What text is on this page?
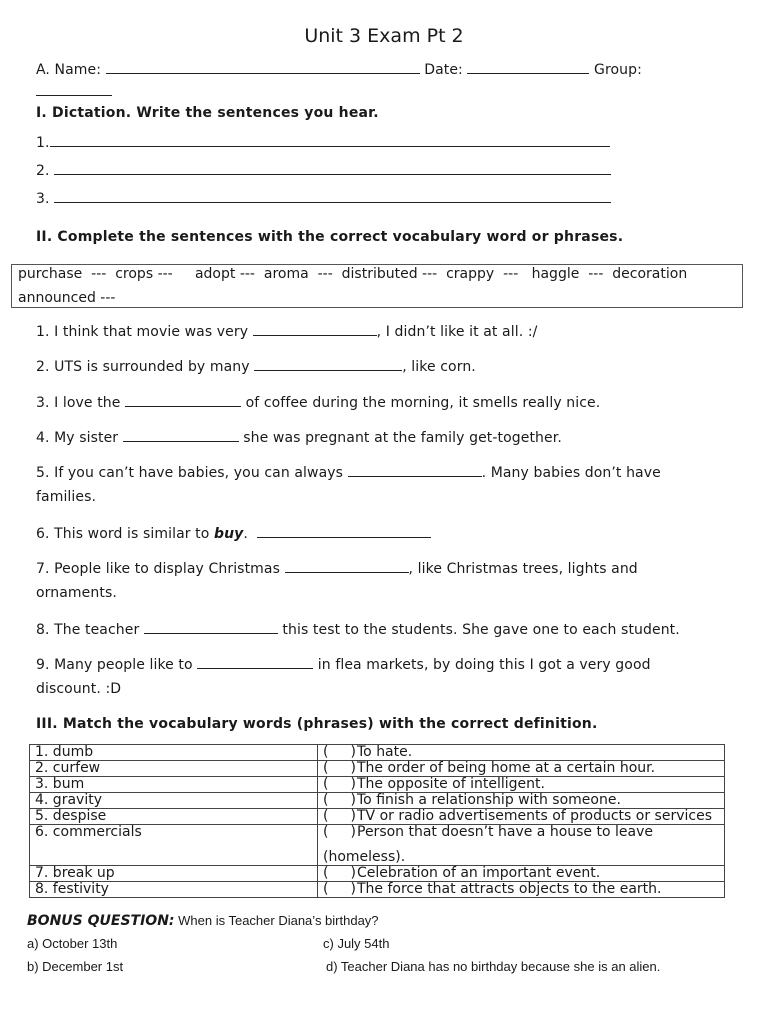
Unit 3 Exam Pt 2
A. Name:	Date:	Group:
I. Dictation. Write the sentences you hear.
1.
2.
3.
II. Complete the sentences with the correct vocabulary word or phrases.
purchase  ---  crops ---     adopt ---  aroma  ---  distributed ---  crappy  ---   haggle  ---  decoration
announced ---
1. I think that movie was very	, I didn’t like it at all. :/
2. UTS is surrounded by many	, like corn.
3. I love the	of coffee during the morning, it smells really nice.
4. My sister	she was pregnant at the family get-together.
5. If you can’t have babies, you can always	. Many babies don’t have
families.
6. This word is similar to buy.
7. People like to display Christmas	, like Christmas trees, lights and
ornaments.
8. The teacher	this test to the students. She gave one to each student.
9. Many people like to	in flea markets, by doing this I got a very good
discount. :D
III. Match the vocabulary words (phrases) with the correct definition.
1. dumb	( )To hate.
2. curfew	( )The order of being home at a certain hour.
3. bum	( )The opposite of intelligent.
4. gravity	( )To finish a relationship with someone.
5. despise	( )TV or radio advertisements of products or services
6. commercials	( )Person that doesn’t have a house to leave
(homeless).

7. break up	( )Celebration of an important event.
8. festivity	( )The force that attracts objects to the earth.
BONUS QUESTION: When is Teacher Diana’s birthday?
a) October 13th	c) July 54th
b) December 1st	d) Teacher Diana has no birthday because she is an alien.
